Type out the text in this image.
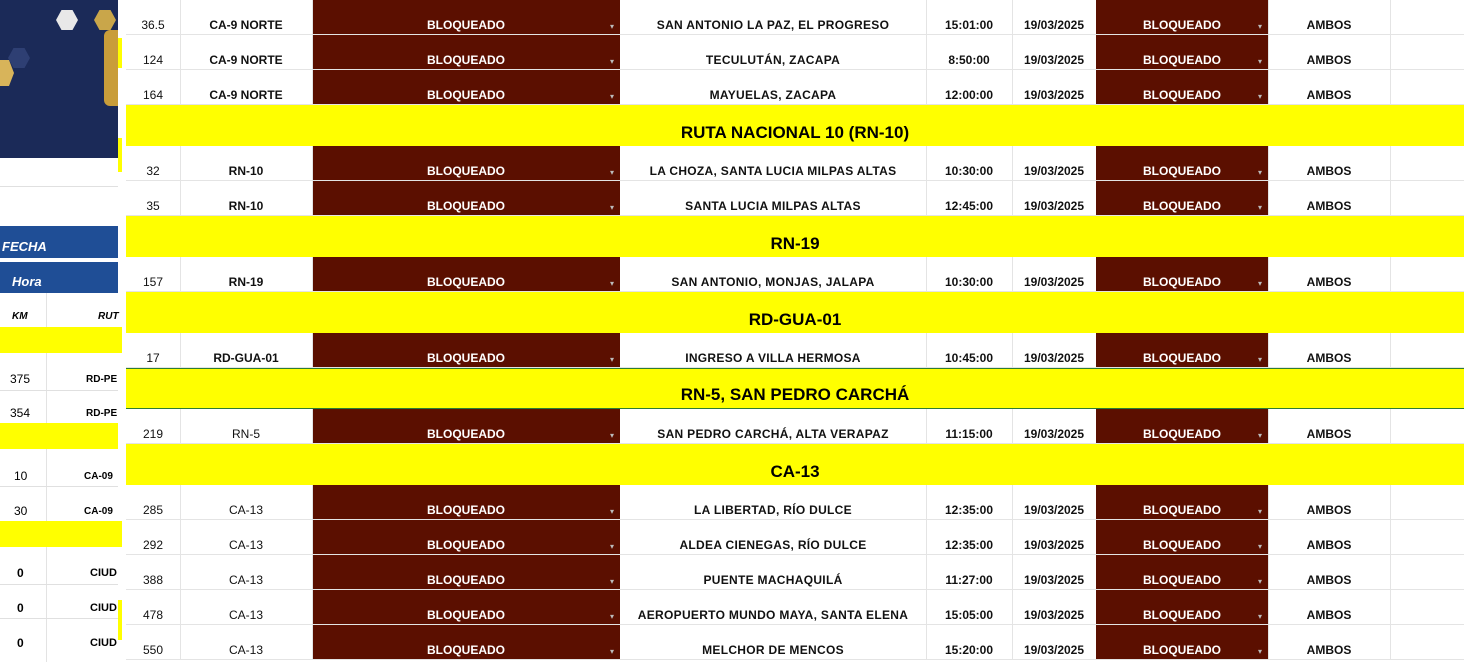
FECHA
Hora
KM	RUT
375	RD-PE
354	RD-PE
10	CA-09
30	CA-09
0	CIUD
0	CIUD
0	CIUD
36.5	CA-9 NORTE	BLOQUEADO	▾	SAN ANTONIO LA PAZ, EL PROGRESO	15:01:00	19/03/2025	BLOQUEADO	▾	AMBOS
124	CA-9 NORTE	BLOQUEADO	▾	TECULUTÁN, ZACAPA	8:50:00	19/03/2025	BLOQUEADO	▾	AMBOS
164	CA-9 NORTE	BLOQUEADO	▾	MAYUELAS, ZACAPA	12:00:00	19/03/2025	BLOQUEADO	▾	AMBOS
RUTA NACIONAL 10 (RN-10)
32	RN-10	BLOQUEADO	▾	LA CHOZA, SANTA LUCIA MILPAS ALTAS	10:30:00	19/03/2025	BLOQUEADO	▾	AMBOS
35	RN-10	BLOQUEADO	▾	SANTA LUCIA MILPAS ALTAS	12:45:00	19/03/2025	BLOQUEADO	▾	AMBOS
RN-19
157	RN-19	BLOQUEADO	▾	SAN ANTONIO, MONJAS, JALAPA	10:30:00	19/03/2025	BLOQUEADO	▾	AMBOS
RD-GUA-01
17	RD-GUA-01	BLOQUEADO	▾	INGRESO A VILLA HERMOSA	10:45:00	19/03/2025	BLOQUEADO	▾	AMBOS
RN-5, SAN PEDRO CARCHÁ
219	RN-5	BLOQUEADO	▾	SAN PEDRO CARCHÁ, ALTA VERAPAZ	11:15:00	19/03/2025	BLOQUEADO	▾	AMBOS
CA-13
285	CA-13	BLOQUEADO	▾	LA LIBERTAD, RÍO DULCE	12:35:00	19/03/2025	BLOQUEADO	▾	AMBOS
292	CA-13	BLOQUEADO	▾	ALDEA CIENEGAS, RÍO DULCE	12:35:00	19/03/2025	BLOQUEADO	▾	AMBOS
388	CA-13	BLOQUEADO	▾	PUENTE MACHAQUILÁ	11:27:00	19/03/2025	BLOQUEADO	▾	AMBOS
478	CA-13	BLOQUEADO	▾ AEROPUERTO MUNDO MAYA, SANTA ELENA	15:05:00	19/03/2025	BLOQUEADO	▾	AMBOS
550	CA-13	BLOQUEADO	▾	MELCHOR DE MENCOS	15:20:00	19/03/2025	BLOQUEADO	▾	AMBOS
